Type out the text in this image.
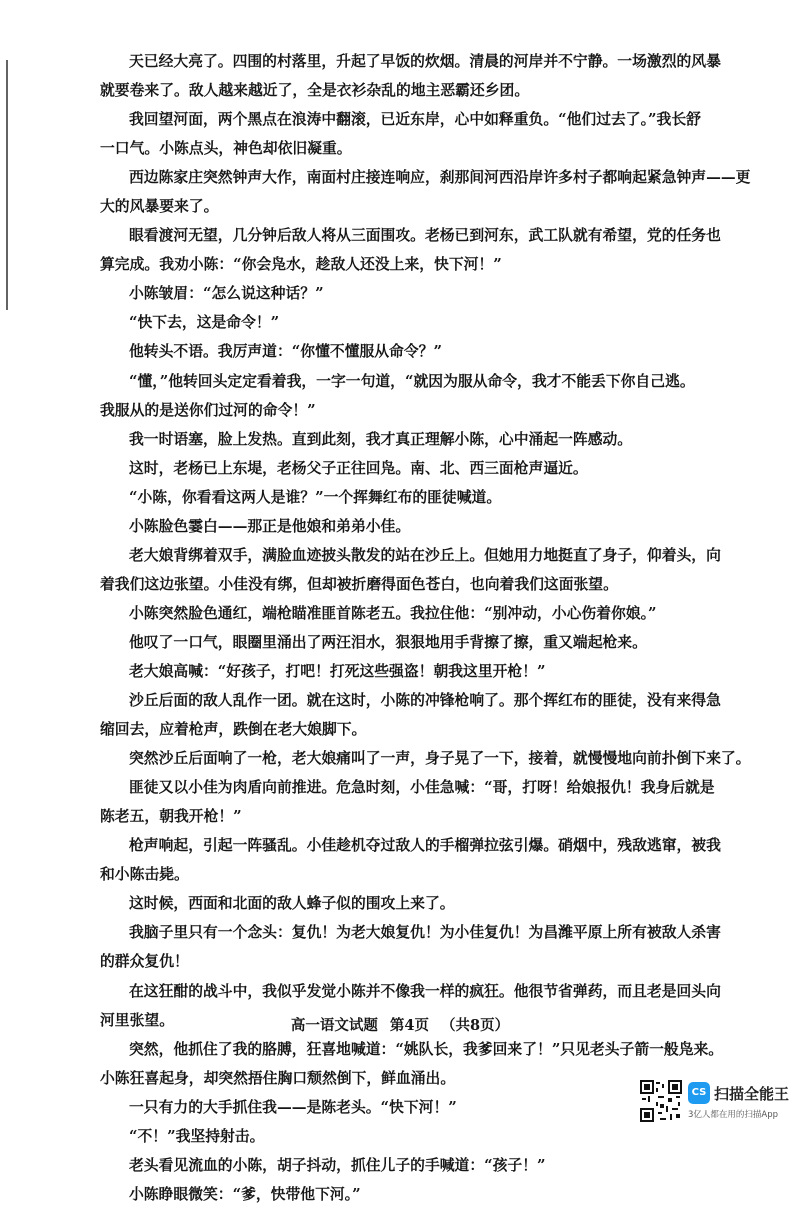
天已经大亮了。四围的村落里，升起了早饭的炊烟。清晨的河岸并不宁静。一场激烈的风暴
就要卷来了。敌人越来越近了，全是衣衫杂乱的地主恶霸还乡团。
我回望河面，两个黑点在浪涛中翻滚，已近东岸，心中如释重负。“他们过去了。”我长舒
一口气。小陈点头，神色却依旧凝重。
西边陈家庄突然钟声大作，南面村庄接连响应，刹那间河西沿岸许多村子都响起紧急钟声——更
大的风暴要来了。
眼看渡河无望，几分钟后敌人将从三面围攻。老杨已到河东，武工队就有希望，党的任务也
算完成。我劝小陈：“你会凫水，趁敌人还没上来，快下河！”
小陈皱眉：“怎么说这种话？”
“快下去，这是命令！”
他转头不语。我厉声道：“你懂不懂服从命令？”
“懂，”他转回头定定看着我，一字一句道，“就因为服从命令，我才不能丢下你自己逃。
我服从的是送你们过河的命令！”
我一时语塞，脸上发热。直到此刻，我才真正理解小陈，心中涌起一阵感动。
这时，老杨已上东堤，老杨父子正往回凫。南、北、西三面枪声逼近。
“小陈，你看看这两人是谁？”一个挥舞红布的匪徒喊道。
小陈脸色霎白——那正是他娘和弟弟小佳。
老大娘背绑着双手，满脸血迹披头散发的站在沙丘上。但她用力地挺直了身子，仰着头，向
着我们这边张望。小佳没有绑，但却被折磨得面色苍白，也向着我们这面张望。
小陈突然脸色通红，端枪瞄准匪首陈老五。我拉住他：“别冲动，小心伤着你娘。”
他叹了一口气，眼圈里涌出了两汪泪水，狠狠地用手背擦了擦，重又端起枪来。
老大娘高喊：“好孩子，打吧！打死这些强盗！朝我这里开枪！”
沙丘后面的敌人乱作一团。就在这时，小陈的冲锋枪响了。那个挥红布的匪徒，没有来得急
缩回去，应着枪声，跌倒在老大娘脚下。
突然沙丘后面响了一枪，老大娘痛叫了一声，身子晃了一下，接着，就慢慢地向前扑倒下来了。
匪徒又以小佳为肉盾向前推进。危急时刻，小佳急喊：“哥，打呀！给娘报仇！我身后就是
陈老五，朝我开枪！”
枪声响起，引起一阵骚乱。小佳趁机夺过敌人的手榴弹拉弦引爆。硝烟中，残敌逃窜，被我
和小陈击毙。
这时候，西面和北面的敌人蜂子似的围攻上来了。
我脑子里只有一个念头：复仇！为老大娘复仇！为小佳复仇！为昌潍平原上所有被敌人杀害
的群众复仇！
在这狂酣的战斗中，我似乎发觉小陈并不像我一样的疯狂。他很节省弹药，而且老是回头向
河里张望。
突然，他抓住了我的胳膊，狂喜地喊道：“姚队长，我爹回来了！”只见老头子箭一般凫来。
小陈狂喜起身，却突然捂住胸口颓然倒下，鲜血涌出。
一只有力的大手抓住我——是陈老头。“快下河！”
“不！”我坚持射击。
老头看见流血的小陈，胡子抖动，抓住儿子的手喊道：“孩子！”
小陈睁眼微笑：“爹，快带他下河。”
高一语文试题 第4页 （共8页）
CS 扫描全能王
3亿人都在用的扫描App
